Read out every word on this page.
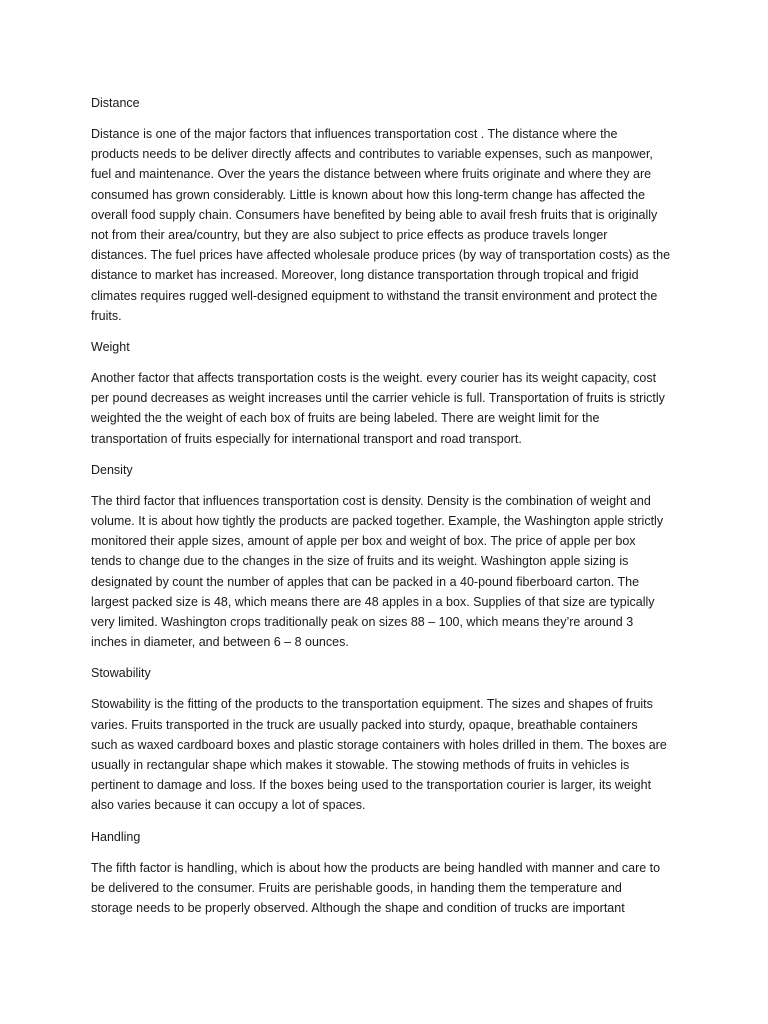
Distance

Distance is one of the major factors that influences transportation cost . The distance where the
products needs to be deliver directly affects and contributes to variable expenses, such as manpower,
fuel and maintenance. Over the years the distance between where fruits originate and where they are
consumed has grown considerably. Little is known about how this long-term change has affected the
overall food supply chain. Consumers have benefited by being able to avail fresh fruits that is originally
not from their area/country, but they are also subject to price effects as produce travels longer
distances. The fuel prices have affected wholesale produce prices (by way of transportation costs) as the
distance to market has increased. Moreover, long distance transportation through tropical and frigid
climates requires rugged well-designed equipment to withstand the transit environment and protect the
fruits.

Weight

Another factor that affects transportation costs is the weight. every courier has its weight capacity, cost
per pound decreases as weight increases until the carrier vehicle is full. Transportation of fruits is strictly
weighted the the weight of each box of fruits are being labeled. There are weight limit for the
transportation of fruits especially for international transport and road transport.

Density

The third factor that influences transportation cost is density. Density is the combination of weight and
volume. It is about how tightly the products are packed together. Example, the Washington apple strictly
monitored their apple sizes, amount of apple per box and weight of box. The price of apple per box
tends to change due to the changes in the size of fruits and its weight. Washington apple sizing is
designated by count the number of apples that can be packed in a 40-pound fiberboard carton. The
largest packed size is 48, which means there are 48 apples in a box. Supplies of that size are typically
very limited. Washington crops traditionally peak on sizes 88 – 100, which means they’re around 3
inches in diameter, and between 6 – 8 ounces.

Stowability

Stowability is the fitting of the products to the transportation equipment. The sizes and shapes of fruits
varies. Fruits transported in the truck are usually packed into sturdy, opaque, breathable containers
such as waxed cardboard boxes and plastic storage containers with holes drilled in them. The boxes are
usually in rectangular shape which makes it stowable. The stowing methods of fruits in vehicles is
pertinent to damage and loss. If the boxes being used to the transportation courier is larger, its weight
also varies because it can occupy a lot of spaces.

Handling

The fifth factor is handling, which is about how the products are being handled with manner and care to
be delivered to the consumer. Fruits are perishable goods, in handing them the temperature and
storage needs to be properly observed. Although the shape and condition of trucks are important
